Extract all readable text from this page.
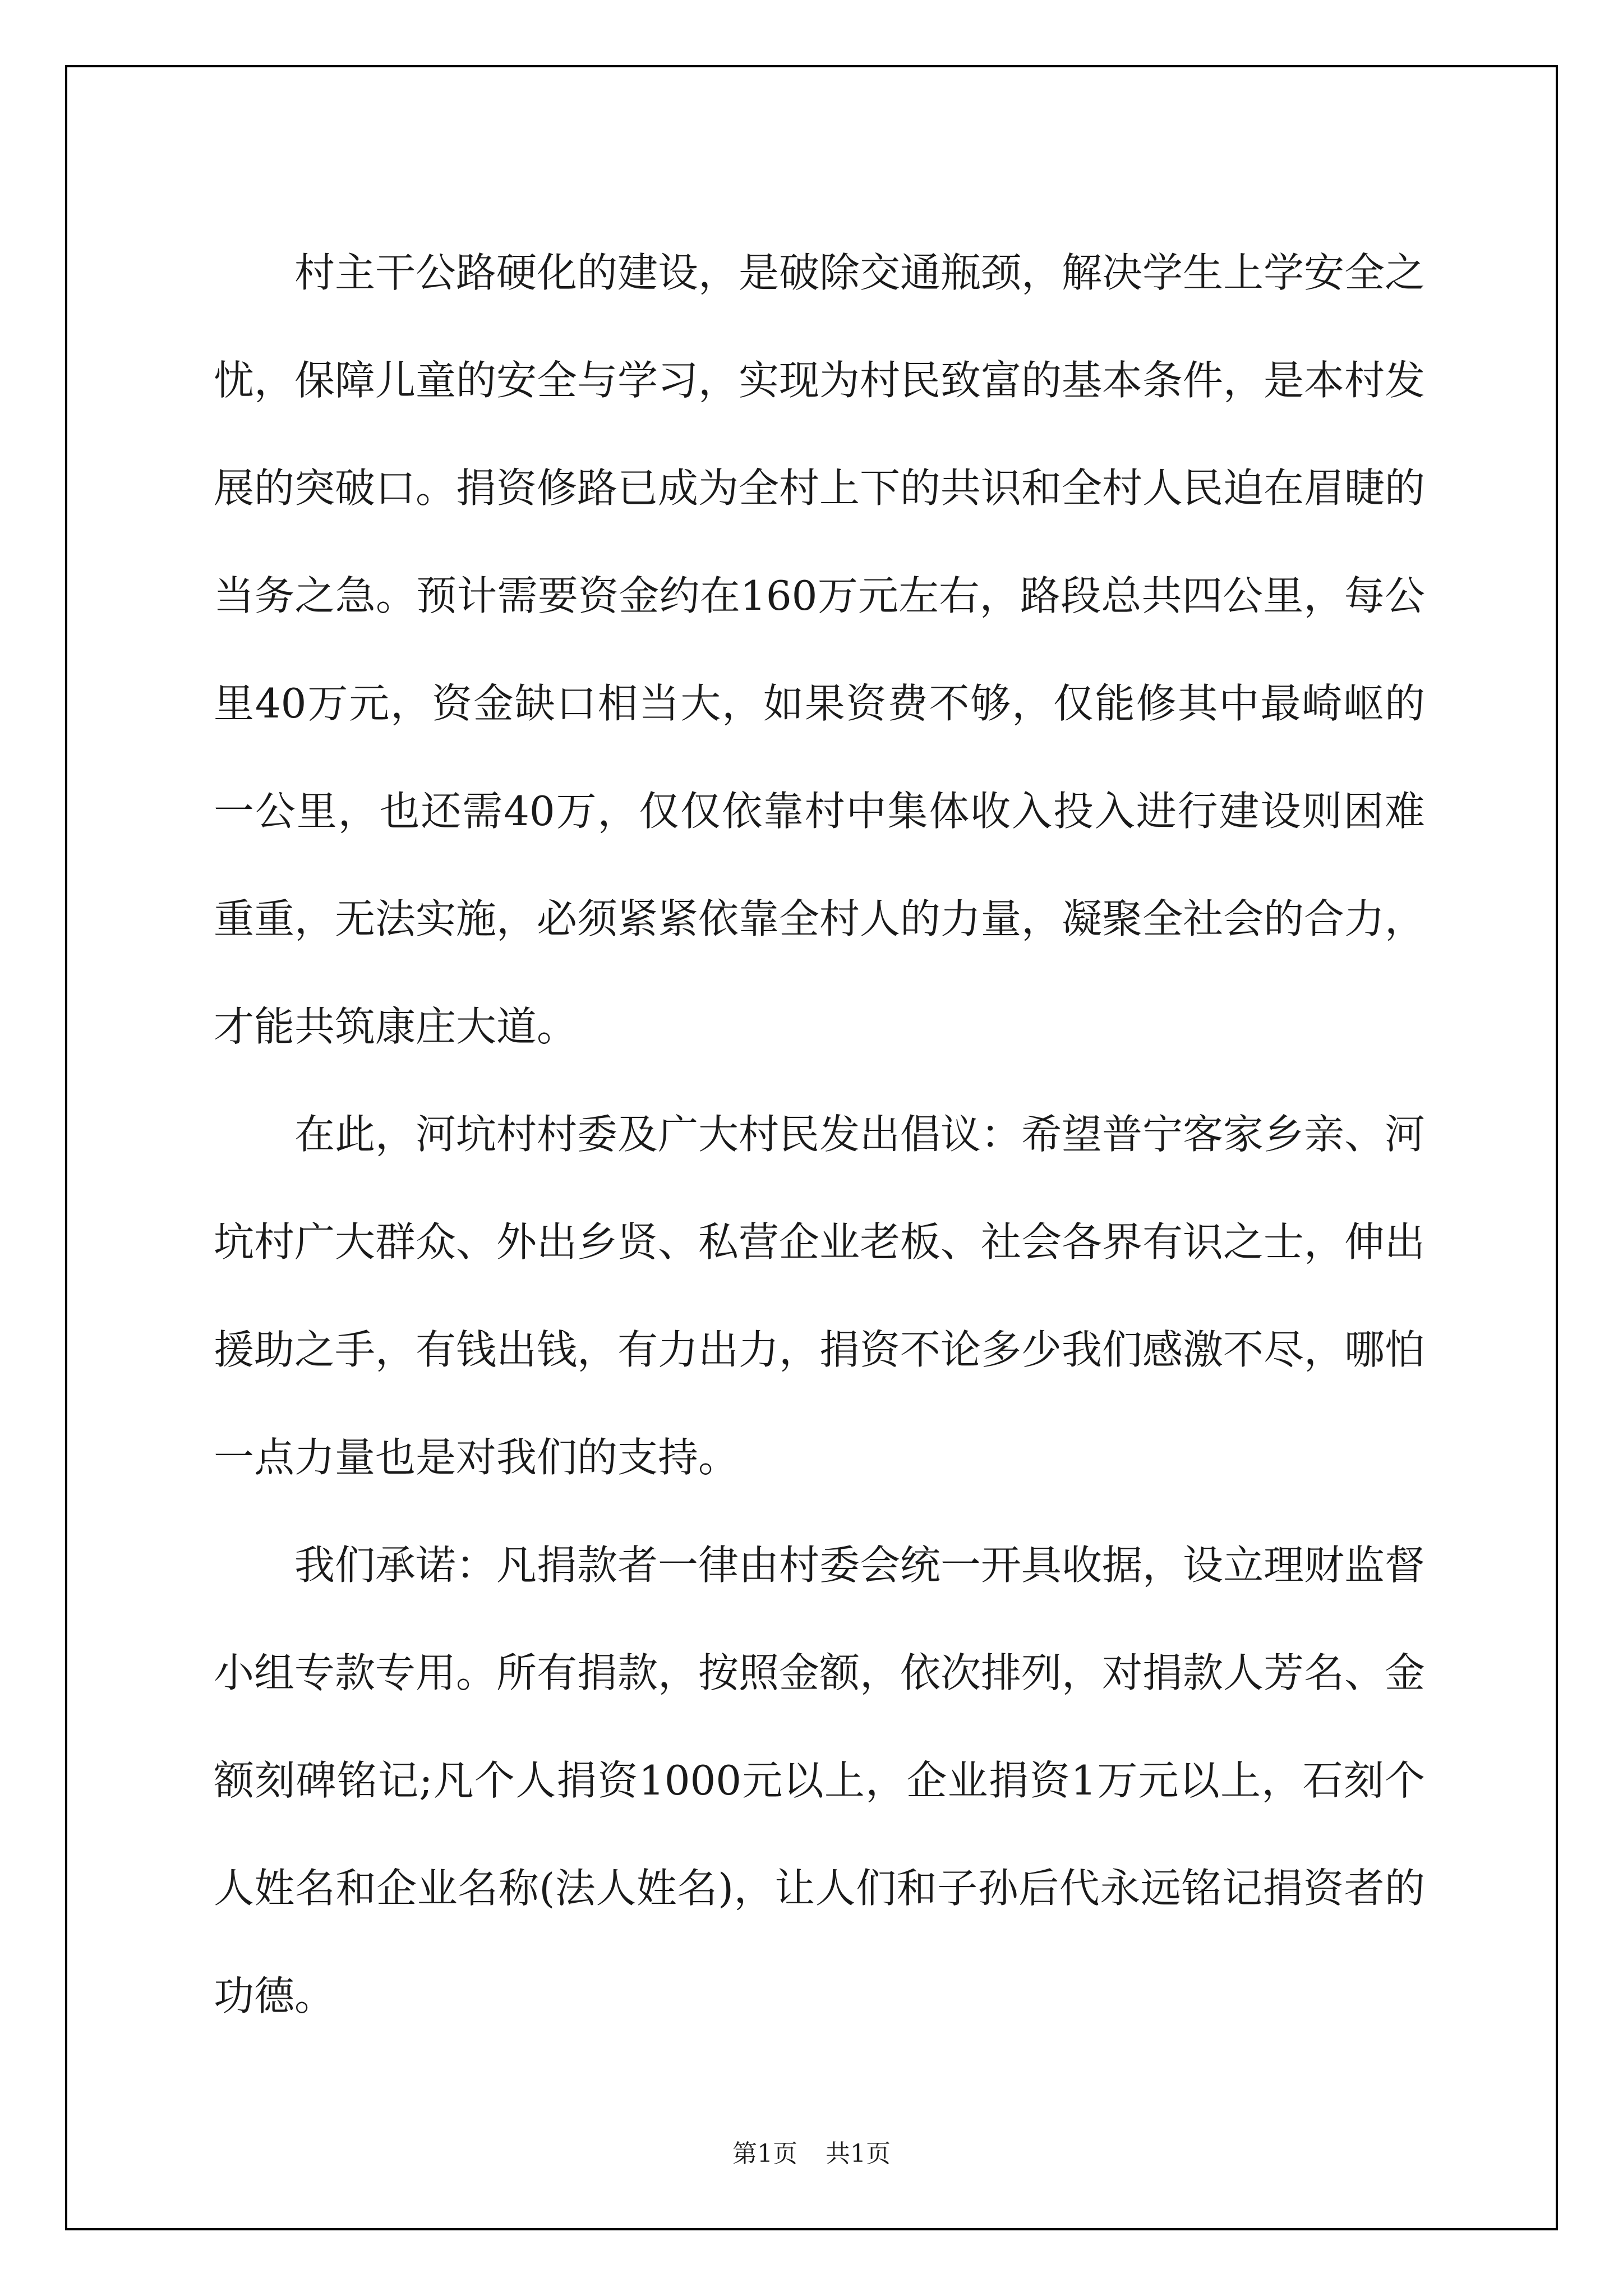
村主干公路硬化的建设，是破除交通瓶颈，解决学生上学安全之忧，保障儿童的安全与学习，实现为村民致富的基本条件，是本村发展的突破口。捐资修路已成为全村上下的共识和全村人民迫在眉睫的当务之急。预计需要资金约在160万元左右，路段总共四公里，每公里40万元，资金缺口相当大，如果资费不够，仅能修其中最崎岖的一公里，也还需40万，仅仅依靠村中集体收入投入进行建设则困难重重，无法实施，必须紧紧依靠全村人的力量，凝聚全社会的合力，才能共筑康庄大道。

在此，河坑村村委及广大村民发出倡议：希望普宁客家乡亲、河坑村广大群众、外出乡贤、私营企业老板、社会各界有识之士，伸出援助之手，有钱出钱，有力出力，捐资不论多少我们感激不尽，哪怕一点力量也是对我们的支持。

我们承诺：凡捐款者一律由村委会统一开具收据，设立理财监督小组专款专用。所有捐款，按照金额，依次排列，对捐款人芳名、金额刻碑铭记;凡个人捐资1000元以上，企业捐资1万元以上，石刻个人姓名和企业名称(法人姓名)，让人们和子孙后代永远铭记捐资者的功德。

第1页 共1页
